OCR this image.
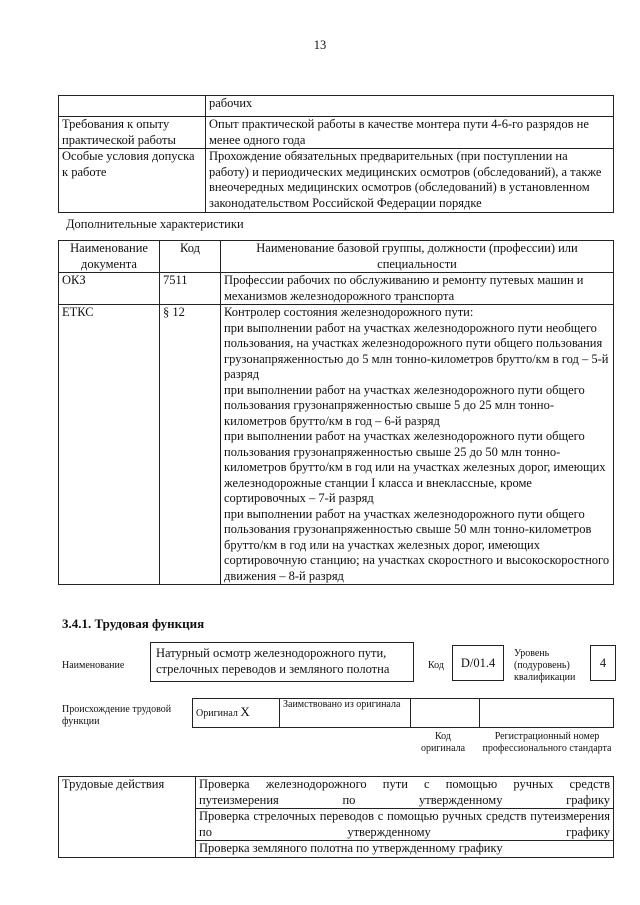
13
	рабочих
Требования к опыту практической работы	Опыт практической работы в качестве монтера пути 4-6-го разрядов не менее одного года
Особые условия допуска к работе	Прохождение обязательных предварительных (при поступлении на работу) и периодических медицинских осмотров (обследований), а также внеочередных медицинских осмотров (обследований) в установленном законодательством Российской Федерации порядке
Дополнительные характеристики
Наименование документа	Код	Наименование базовой группы, должности (профессии) или специальности
ОКЗ	7511	Профессии рабочих по обслуживанию и ремонту путевых машин и механизмов железнодорожного транспорта
ЕТКС	§ 12	Контролер состояния железнодорожного пути:
при выполнении работ на участках железнодорожного пути необщего пользования, на участках железнодорожного пути общего пользования грузонапряженностью до 5 млн тонно-километров брутто/км в год – 5-й разряд
при выполнении работ на участках железнодорожного пути общего пользования грузонапряженностью свыше 5 до 25 млн тонно-километров брутто/км в год – 6-й разряд
при выполнении работ на участках железнодорожного пути общего пользования грузонапряженностью свыше 25 до 50 млн тонно-километров брутто/км в год или на участках железных дорог, имеющих железнодорожные станции I класса и внеклассные, кроме сортировочных – 7-й разряд
при выполнении работ на участках железнодорожного пути общего пользования грузонапряженностью свыше 50 млн тонно-километров брутто/км в год или на участках железных дорог, имеющих сортировочную станцию; на участках скоростного и высокоскоростного движения – 8-й разряд
3.4.1. Трудовая функция
Наименование
Натурный осмотр железнодорожного пути, стрелочных переводов и земляного полотна	Код	D/01.4
Уровень (подуровень) квалификации
4
Происхождение трудовой функции
Оригинал X	Заимствовано из оригинала		
Код оригинала
Регистрационный номер профессионального стандарта
Трудовые действия	Проверка железнодорожного пути с помощью ручных средств путеизмерения по утвержденному графику
Проверка стрелочных переводов с помощью ручных средств путеизмерения по утвержденному графику
Проверка земляного полотна по утвержденному графику
